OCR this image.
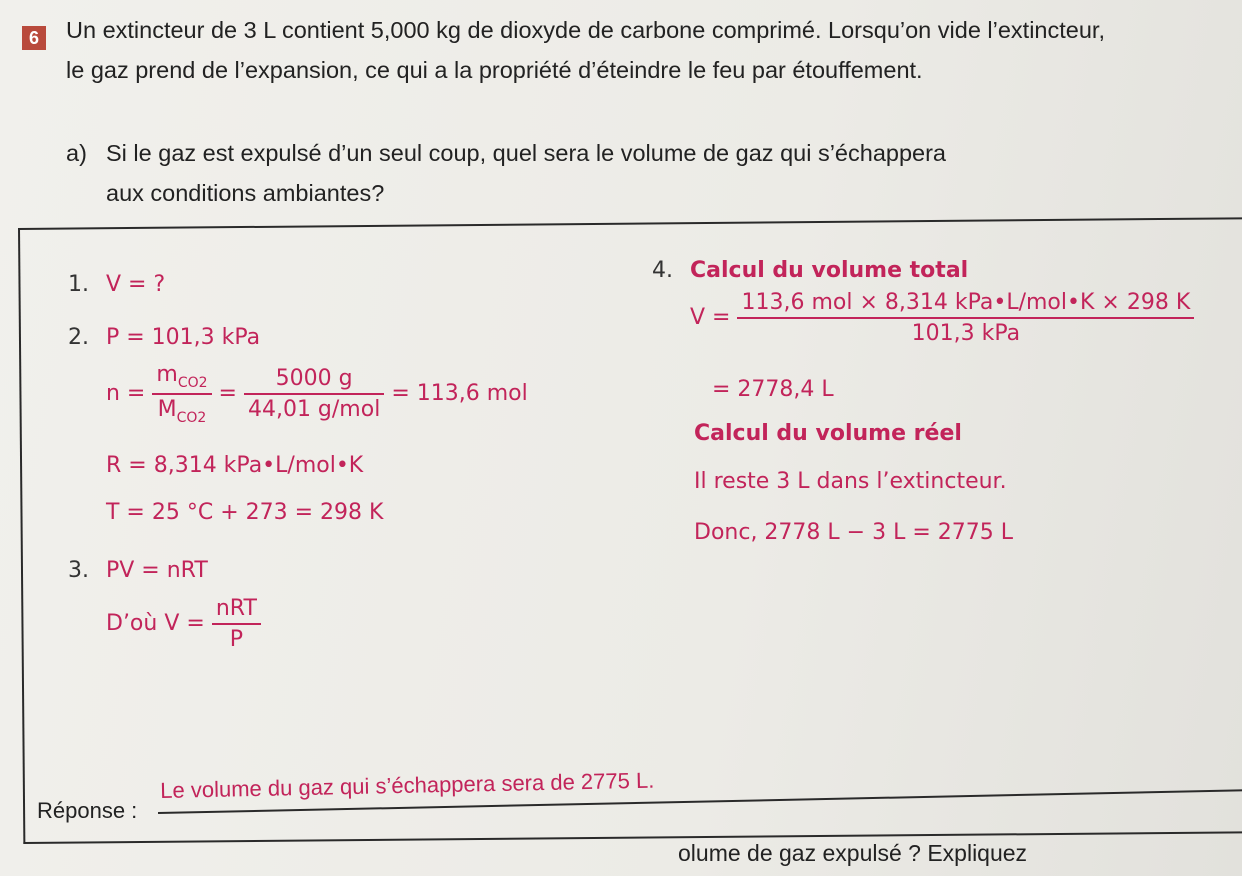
6 Un extincteur de 3 L contient 5,000 kg de dioxyde de carbone comprimé. Lorsqu’on vide l’extincteur, le gaz prend de l’expansion, ce qui a la propriété d’éteindre le feu par étouffement.
a) Si le gaz est expulsé d’un seul coup, quel sera le volume de gaz qui s’échappera aux conditions ambiantes?
1. V = ?
2. P = 101,3 kPa
$n = \frac{m_{CO2}}{M_{CO2}} = \frac{5000 g}{\text{44,01 g/mol}} = 113,6$ mol
R = 8,314 kPa•L/mol•K
T = 25 °C + 273 = 298 K
3. PV = nRT
D’où $V = \frac{\text{nRT}}{P}$
4. Calcul du volume total
$V = \frac{\text{113,6 mol × 8,314 kPa•L/mol•K × 298 K}}{\text{101,3 kPa}}$
= 2778,4 L
Calcul du volume réel
Il reste 3 L dans l’extincteur.
Donc, 2778 L − 3 L = 2775 L
Réponse :
Le volume du gaz qui s’échappera sera de 2775 L.
olume de gaz expulsé ? Expliquez
